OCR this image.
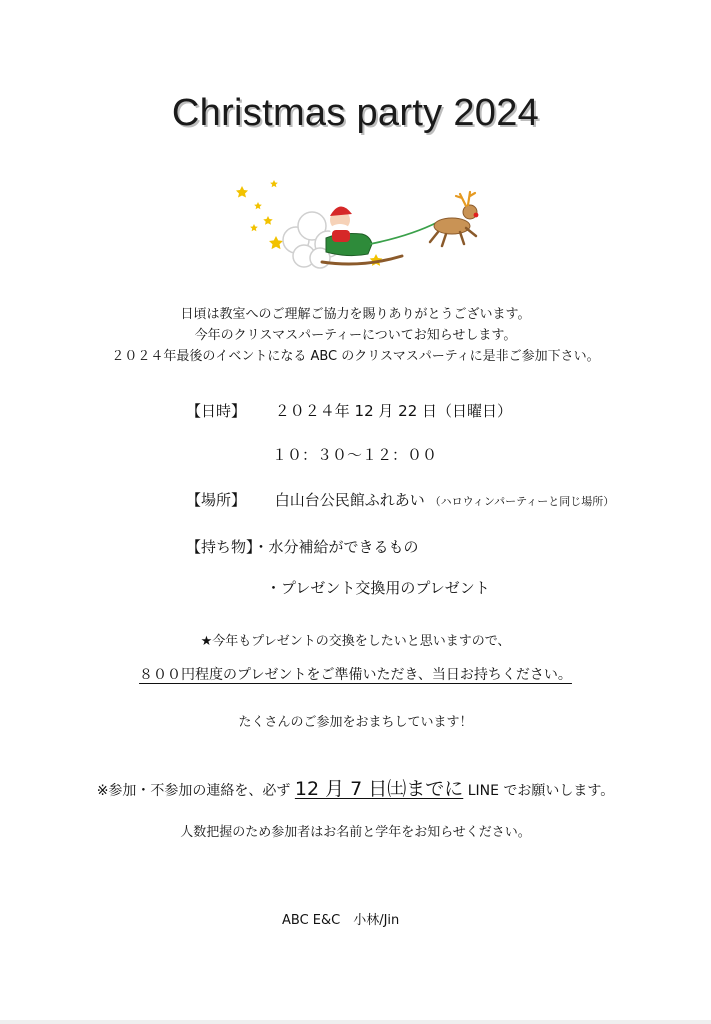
Christmas party 2024
日頃は教室へのご理解ご協力を賜りありがとうございます。
今年のクリスマスパーティーについてお知らせします。
２０２４年最後のイベントになる ABC のクリスマスパーティに是非ご参加下さい。
【日時】 ２０２４年 12 月 22 日（日曜日）
１０：３０〜１２：００
【場所】 白山台公民館ふれあい （ハロウィンパーティーと同じ場所）
【持ち物】・水分補給ができるもの
・プレゼント交換用のプレゼント
★今年もプレゼントの交換をしたいと思いますので、
８００円程度のプレゼントをご準備いただき、当日お持ちください。
たくさんのご参加をおまちしています！
※参加・不参加の連絡を、必ず 12 月 7 日㈯までに LINE でお願いします。
人数把握のため参加者はお名前と学年をお知らせください。
ABC E&C　小林/Jin
